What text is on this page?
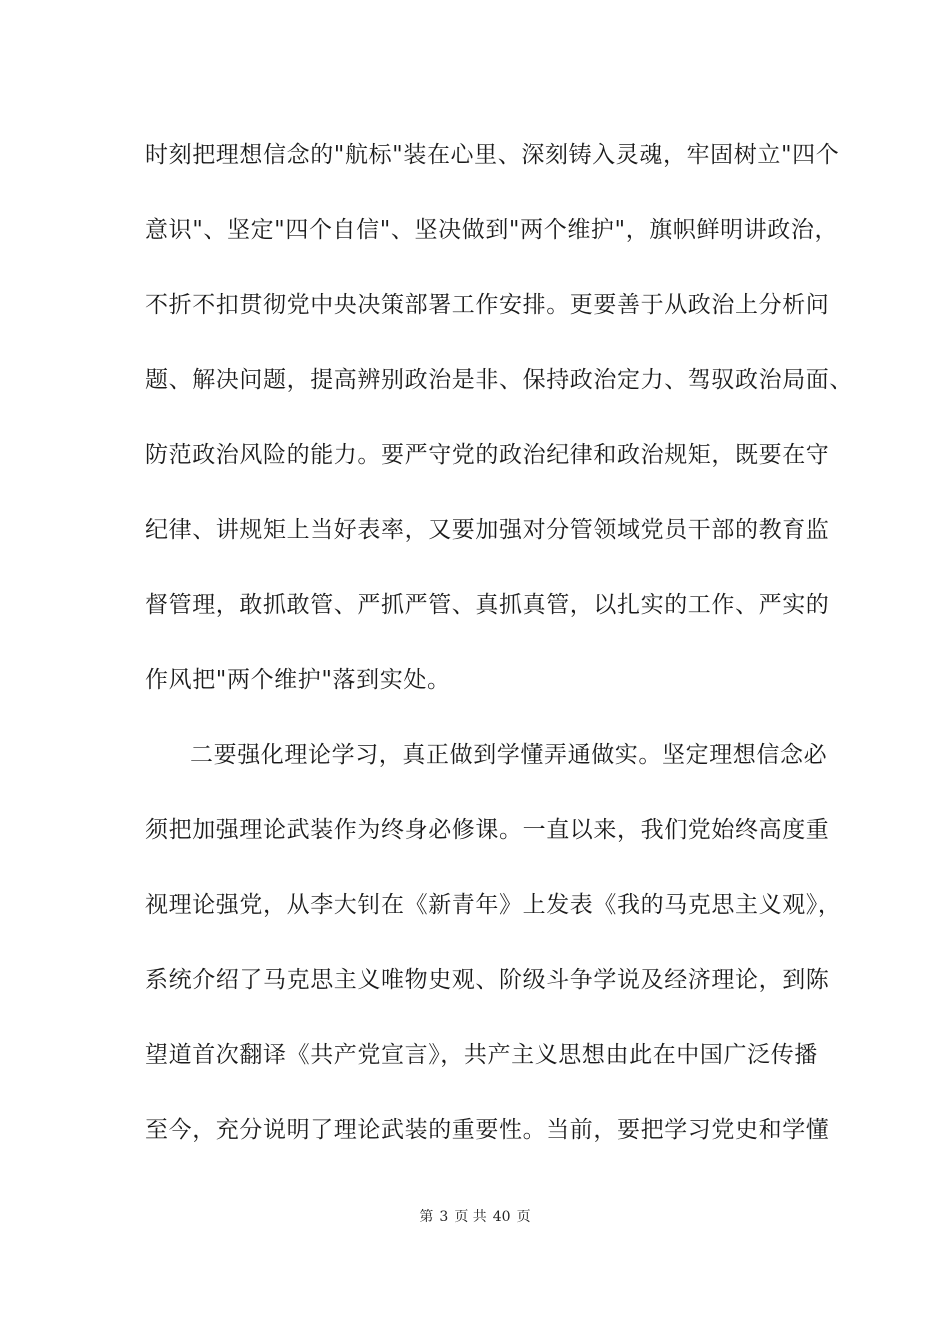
时刻把理想信念的"航标"装在心里、深刻铸入灵魂，牢固树立"四个
意识"、坚定"四个自信"、坚决做到"两个维护"，旗帜鲜明讲政治，
不折不扣贯彻党中央决策部署工作安排。更要善于从政治上分析问
题、解决问题，提高辨别政治是非、保持政治定力、驾驭政治局面、
防范政治风险的能力。要严守党的政治纪律和政治规矩，既要在守
纪律、讲规矩上当好表率，又要加强对分管领域党员干部的教育监
督管理，敢抓敢管、严抓严管、真抓真管，以扎实的工作、严实的
作风把"两个维护"落到实处。
二要强化理论学习，真正做到学懂弄通做实。坚定理想信念必
须把加强理论武装作为终身必修课。一直以来，我们党始终高度重
视理论强党，从李大钊在《新青年》上发表《我的马克思主义观》，
系统介绍了马克思主义唯物史观、阶级斗争学说及经济理论，到陈
望道首次翻译《共产党宣言》，共产主义思想由此在中国广泛传播
至今，充分说明了理论武装的重要性。当前，要把学习党史和学懂
第 3 页 共 40 页
